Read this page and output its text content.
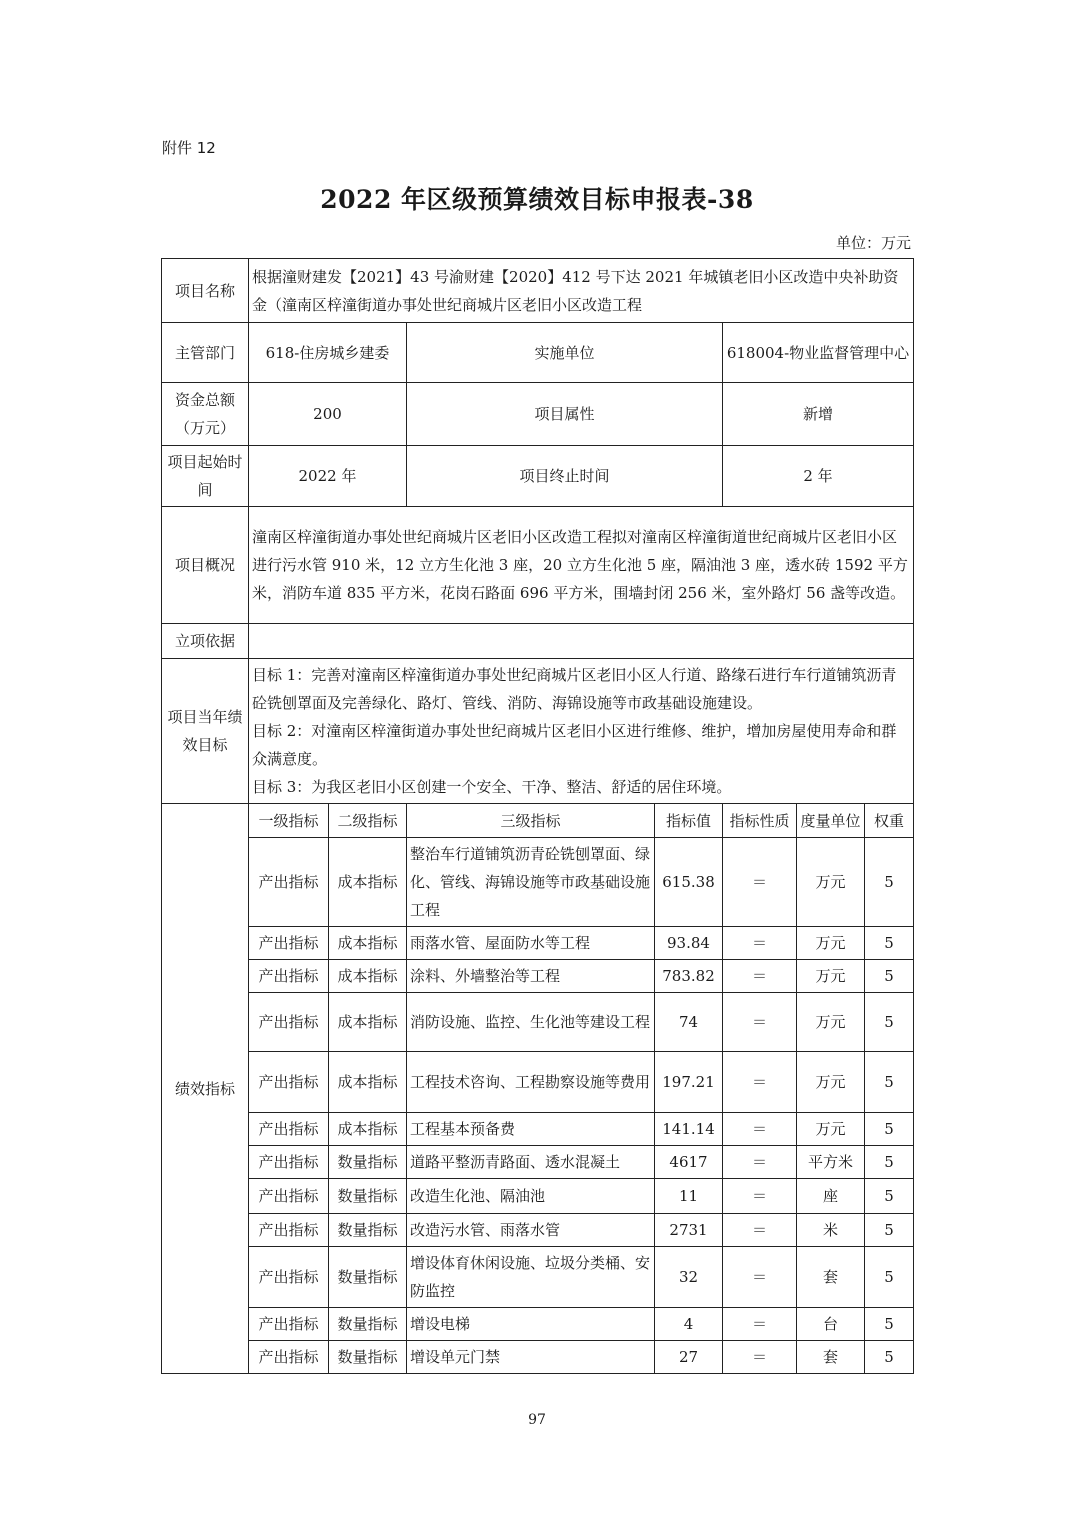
附件 12
2022 年区级预算绩效目标申报表-38
单位：万元
项目名称	根据潼财建发【2021】43 号渝财建【2020】412 号下达 2021 年城镇老旧小区改造中央补助资金（潼南区梓潼街道办事处世纪商城片区老旧小区改造工程						
主管部门	618-住房城乡建委		实施单位		618004-物业监督管理中心		
资金总额（万元）	200		项目属性		新增		
项目起始时间	2022 年		项目终止时间		2 年		
项目概况	潼南区梓潼街道办事处世纪商城片区老旧小区改造工程拟对潼南区梓潼街道世纪商城片区老旧小区进行污水管 910 米，12 立方生化池 3 座，20 立方生化池 5 座，隔油池 3 座，透水砖 1592 平方米，消防车道 835 平方米，花岗石路面 696 平方米，围墙封闭 256 米，室外路灯 56 盏等改造。						
立项依据							
项目当年绩效目标	目标 1：完善对潼南区梓潼街道办事处世纪商城片区老旧小区人行道、路缘石进行车行道铺筑沥青砼铣刨罩面及完善绿化、路灯、管线、消防、海锦设施等市政基础设施建设。
目标 2：对潼南区梓潼街道办事处世纪商城片区老旧小区进行维修、维护，增加房屋使用寿命和群众满意度。
目标 3：为我区老旧小区创建一个安全、干净、整洁、舒适的居住环境。						

绩效指标	一级指标	二级指标	三级指标	指标值	指标性质	度量单位	权重
	产出指标	成本指标	整治车行道铺筑沥青砼铣刨罩面、绿化、管线、海锦设施等市政基础设施工程	615.38	＝	万元	5
	产出指标	成本指标	雨落水管、屋面防水等工程	93.84	＝	万元	5
	产出指标	成本指标	涂料、外墙整治等工程	783.82	＝	万元	5
	产出指标	成本指标	消防设施、监控、生化池等建设工程	74	＝	万元	5
	产出指标	成本指标	工程技术咨询、工程勘察设施等费用	197.21	＝	万元	5
	产出指标	成本指标	工程基本预备费	141.14	＝	万元	5
	产出指标	数量指标	道路平整沥青路面、透水混凝土	4617	＝	平方米	5
	产出指标	数量指标	改造生化池、隔油池	11	＝	座	5
	产出指标	数量指标	改造污水管、雨落水管	2731	＝	米	5
	产出指标	数量指标	增设体育休闲设施、垃圾分类桶、安防监控	32	＝	套	5
	产出指标	数量指标	增设电梯	4	＝	台	5
	产出指标	数量指标	增设单元门禁	27	＝	套	5
97
